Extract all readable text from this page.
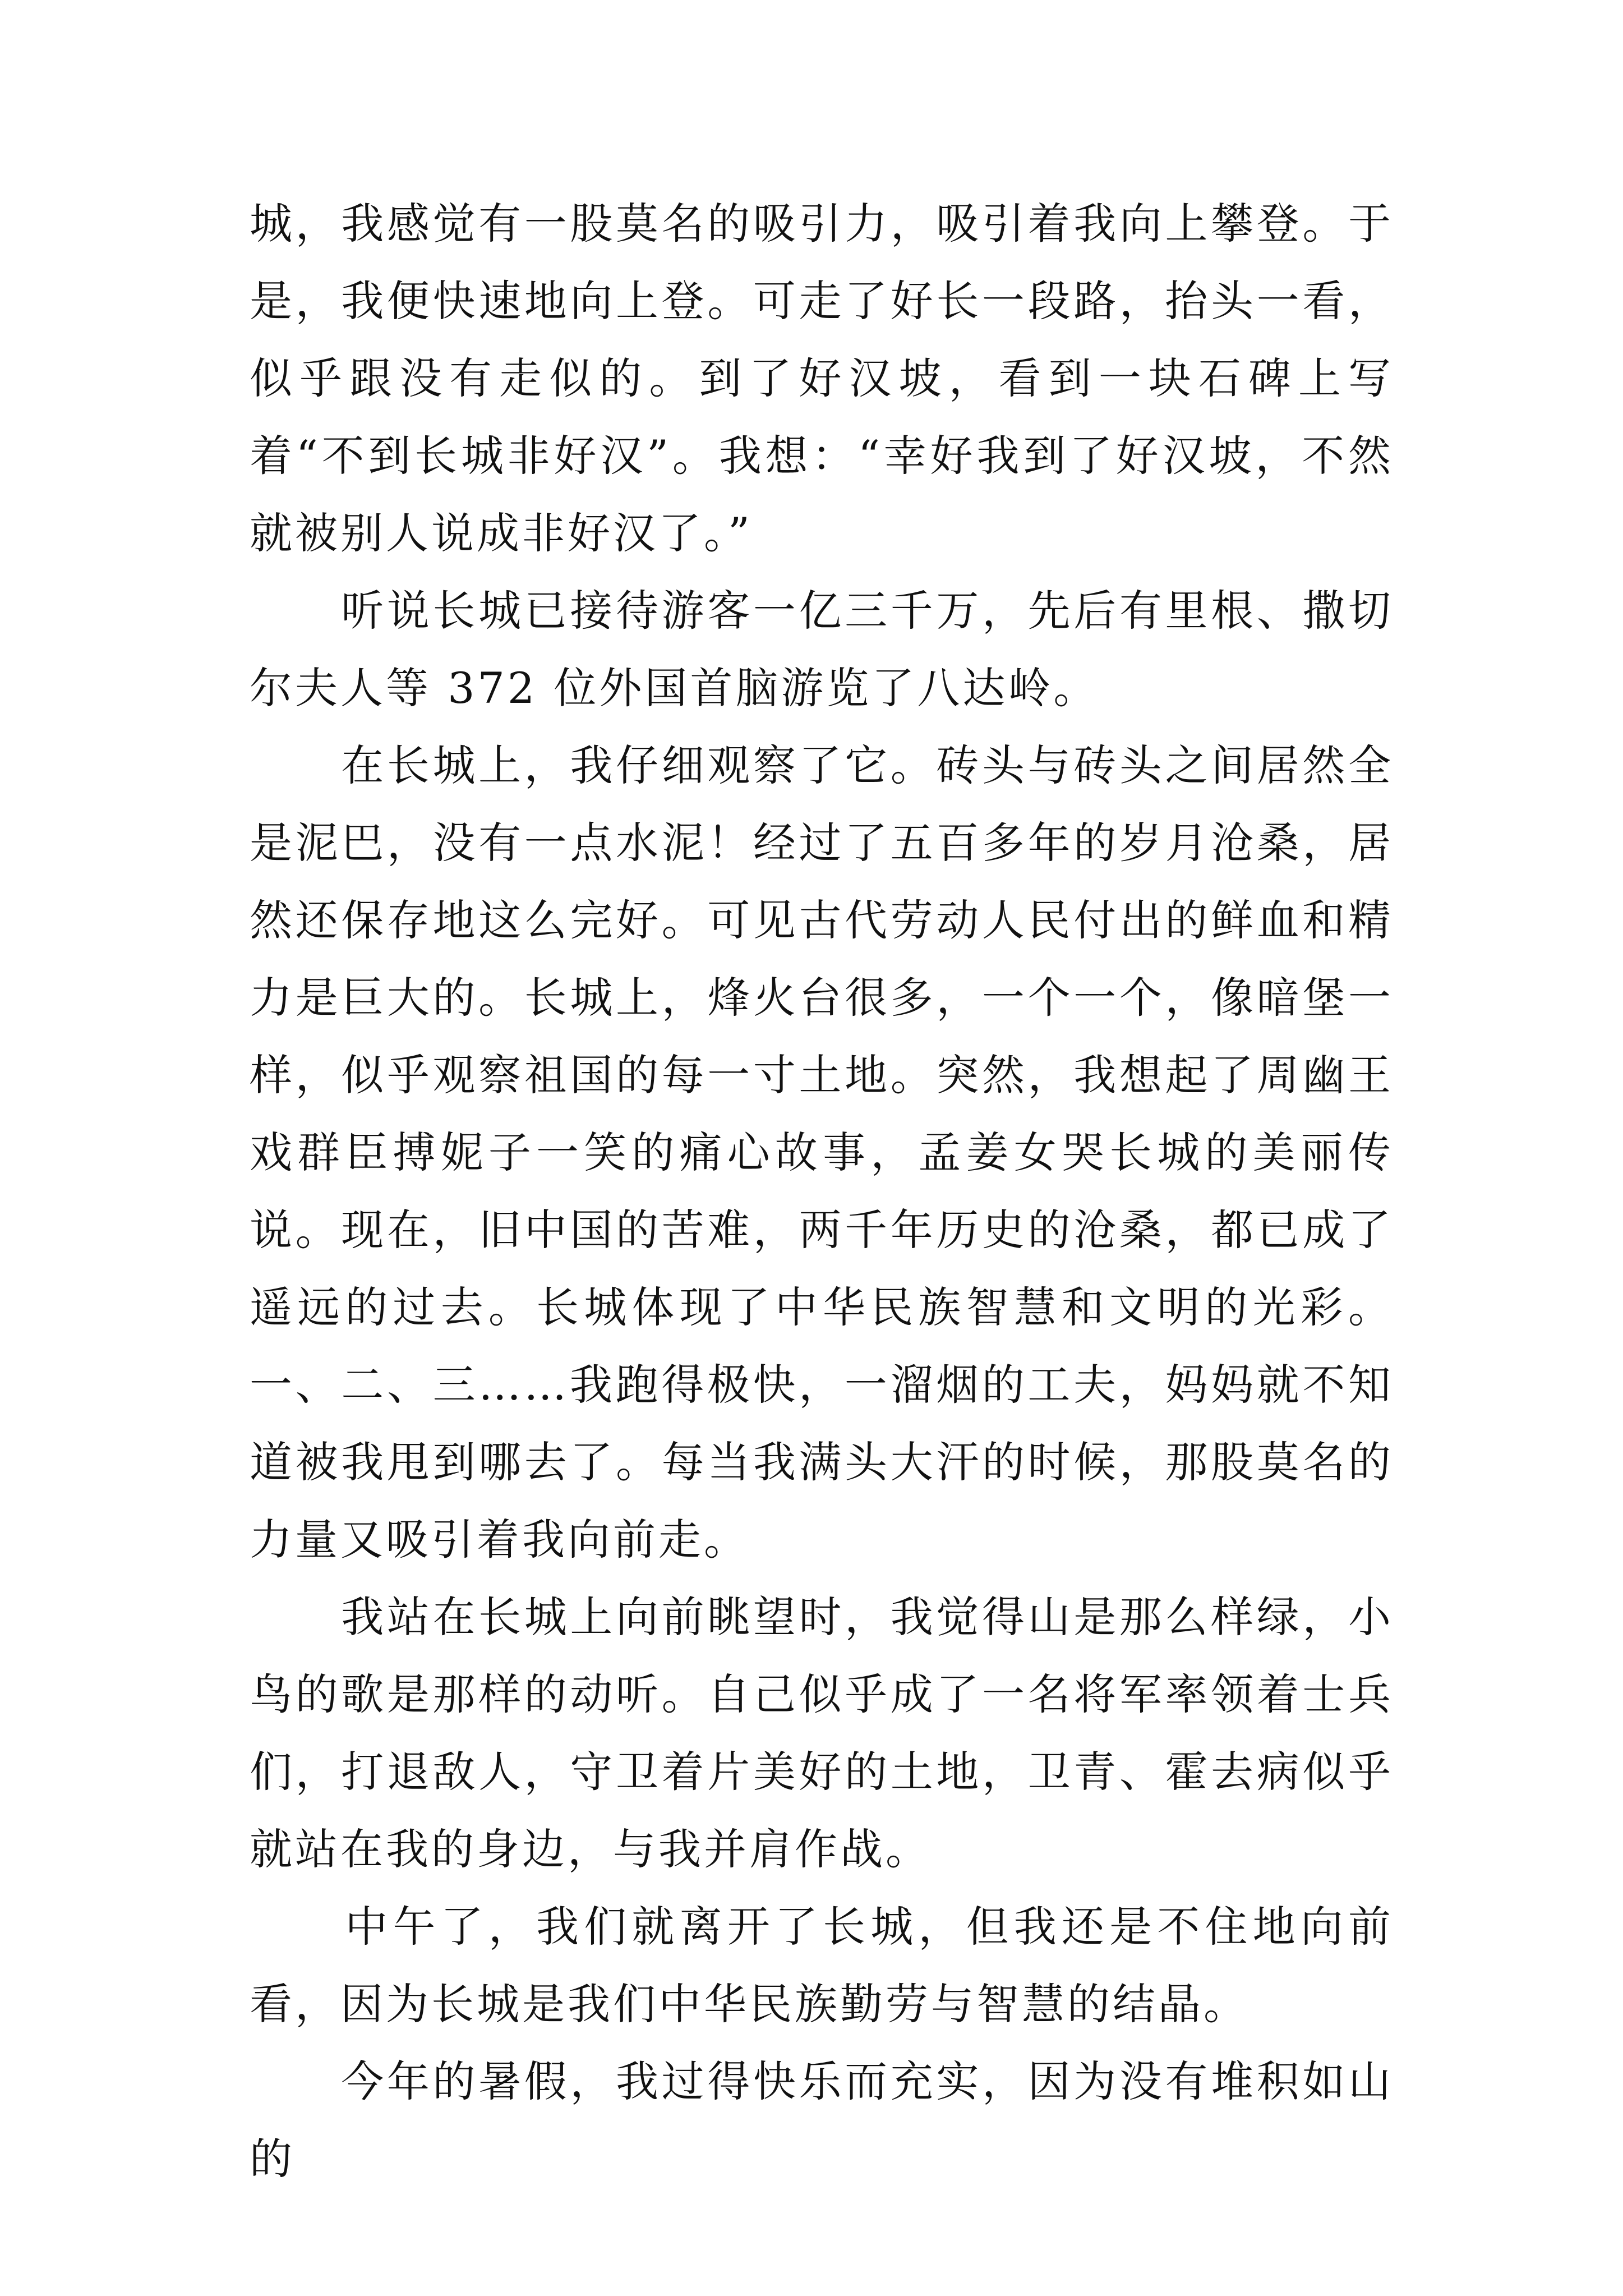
城，我感觉有一股莫名的吸引力，吸引着我向上攀登。于是，我便快速地向上登。可走了好长一段路，抬头一看，似乎跟没有走似的。到了好汉坡，看到一块石碑上写着“不到长城非好汉”。我想：“幸好我到了好汉坡，不然就被别人说成非好汉了。”

　　听说长城已接待游客一亿三千万，先后有里根、撒切尔夫人等 372 位外国首脑游览了八达岭。

　　在长城上，我仔细观察了它。砖头与砖头之间居然全是泥巴，没有一点水泥！经过了五百多年的岁月沧桑，居然还保存地这么完好。可见古代劳动人民付出的鲜血和精力是巨大的。长城上，烽火台很多，一个一个，像暗堡一样，似乎观察祖国的每一寸土地。突然，我想起了周幽王戏群臣搏妮子一笑的痛心故事，孟姜女哭长城的美丽传说。现在，旧中国的苦难，两千年历史的沧桑，都已成了遥远的过去。长城体现了中华民族智慧和文明的光彩。一、二、三……我跑得极快，一溜烟的工夫，妈妈就不知道被我甩到哪去了。每当我满头大汗的时候，那股莫名的力量又吸引着我向前走。

　　我站在长城上向前眺望时，我觉得山是那么样绿，小鸟的歌是那样的动听。自己似乎成了一名将军率领着士兵们，打退敌人，守卫着片美好的土地，卫青、霍去病似乎就站在我的身边，与我并肩作战。

　　中午了，我们就离开了长城，但我还是不住地向前看，因为长城是我们中华民族勤劳与智慧的结晶。

　　今年的暑假，我过得快乐而充实，因为没有堆积如山的
